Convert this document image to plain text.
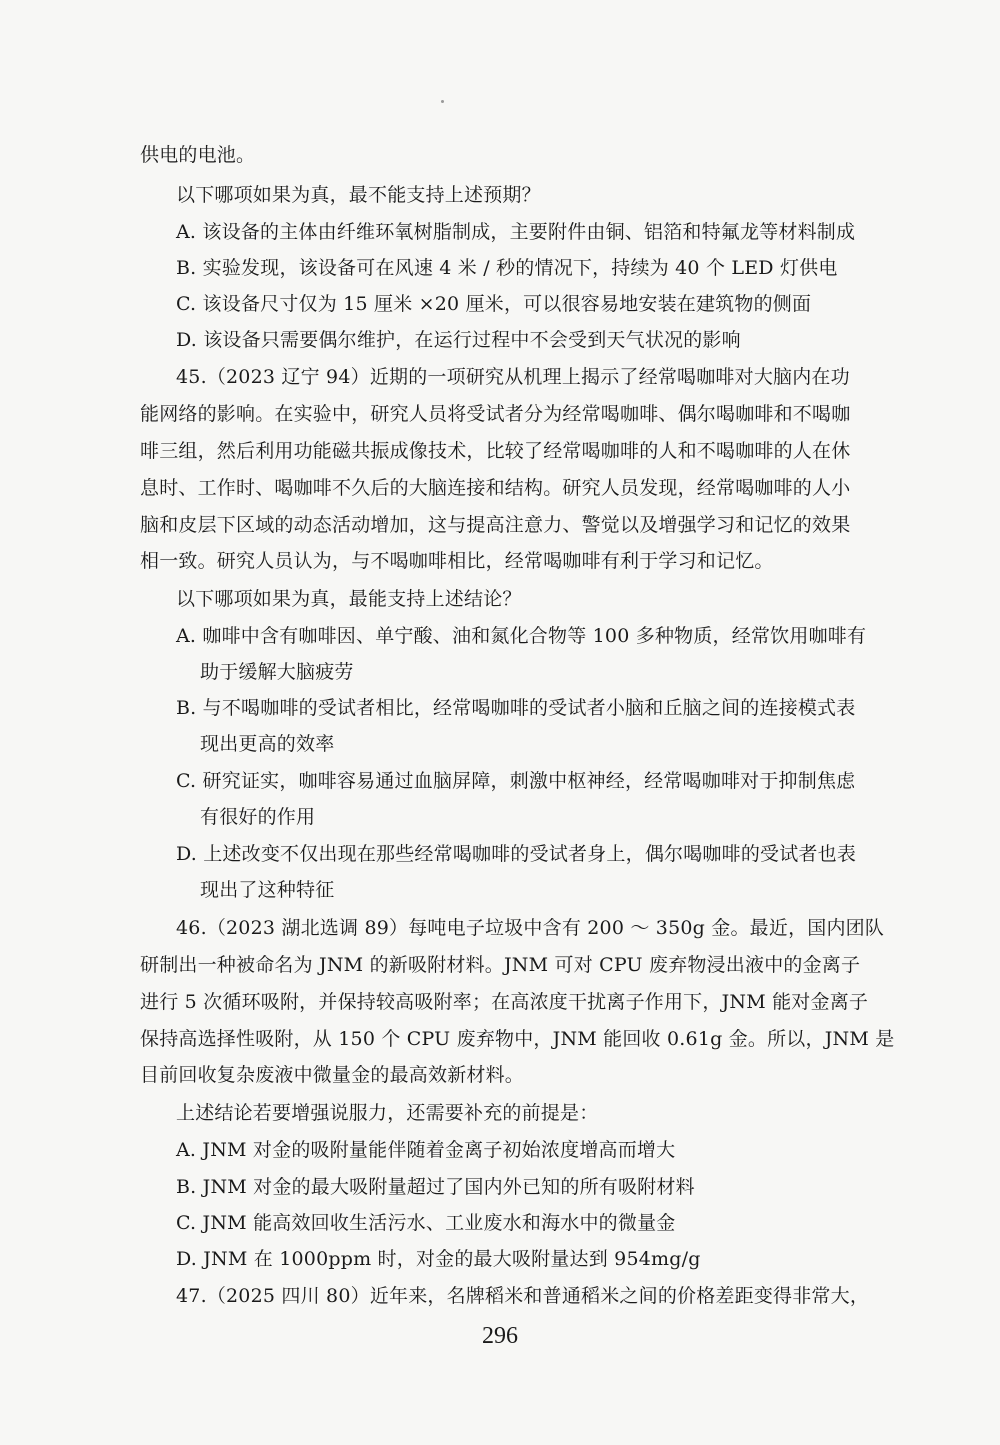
供电的电池。
以下哪项如果为真，最不能支持上述预期？
A. 该设备的主体由纤维环氧树脂制成，主要附件由铜、铝箔和特氟龙等材料制成
B. 实验发现，该设备可在风速 4 米 / 秒的情况下，持续为 40 个 LED 灯供电
C. 该设备尺寸仅为 15 厘米 ×20 厘米，可以很容易地安装在建筑物的侧面
D. 该设备只需要偶尔维护，在运行过程中不会受到天气状况的影响
45.（2023 辽宁 94）近期的一项研究从机理上揭示了经常喝咖啡对大脑内在功
能网络的影响。在实验中，研究人员将受试者分为经常喝咖啡、偶尔喝咖啡和不喝咖
啡三组，然后利用功能磁共振成像技术，比较了经常喝咖啡的人和不喝咖啡的人在休
息时、工作时、喝咖啡不久后的大脑连接和结构。研究人员发现，经常喝咖啡的人小
脑和皮层下区域的动态活动增加，这与提高注意力、警觉以及增强学习和记忆的效果
相一致。研究人员认为，与不喝咖啡相比，经常喝咖啡有利于学习和记忆。
以下哪项如果为真，最能支持上述结论？
A. 咖啡中含有咖啡因、单宁酸、油和氮化合物等 100 多种物质，经常饮用咖啡有
助于缓解大脑疲劳
B. 与不喝咖啡的受试者相比，经常喝咖啡的受试者小脑和丘脑之间的连接模式表
现出更高的效率
C. 研究证实，咖啡容易通过血脑屏障，刺激中枢神经，经常喝咖啡对于抑制焦虑
有很好的作用
D. 上述改变不仅出现在那些经常喝咖啡的受试者身上，偶尔喝咖啡的受试者也表
现出了这种特征
46.（2023 湖北选调 89）每吨电子垃圾中含有 200 ～ 350g 金。最近，国内团队
研制出一种被命名为 JNM 的新吸附材料。JNM 可对 CPU 废弃物浸出液中的金离子
进行 5 次循环吸附，并保持较高吸附率；在高浓度干扰离子作用下，JNM 能对金离子
保持高选择性吸附，从 150 个 CPU 废弃物中，JNM 能回收 0.61g 金。所以，JNM 是
目前回收复杂废液中微量金的最高效新材料。
上述结论若要增强说服力，还需要补充的前提是：
A. JNM 对金的吸附量能伴随着金离子初始浓度增高而增大
B. JNM 对金的最大吸附量超过了国内外已知的所有吸附材料
C. JNM 能高效回收生活污水、工业废水和海水中的微量金
D. JNM 在 1000ppm 时，对金的最大吸附量达到 954mg/g
47.（2025 四川 80）近年来，名牌稻米和普通稻米之间的价格差距变得非常大，
296
